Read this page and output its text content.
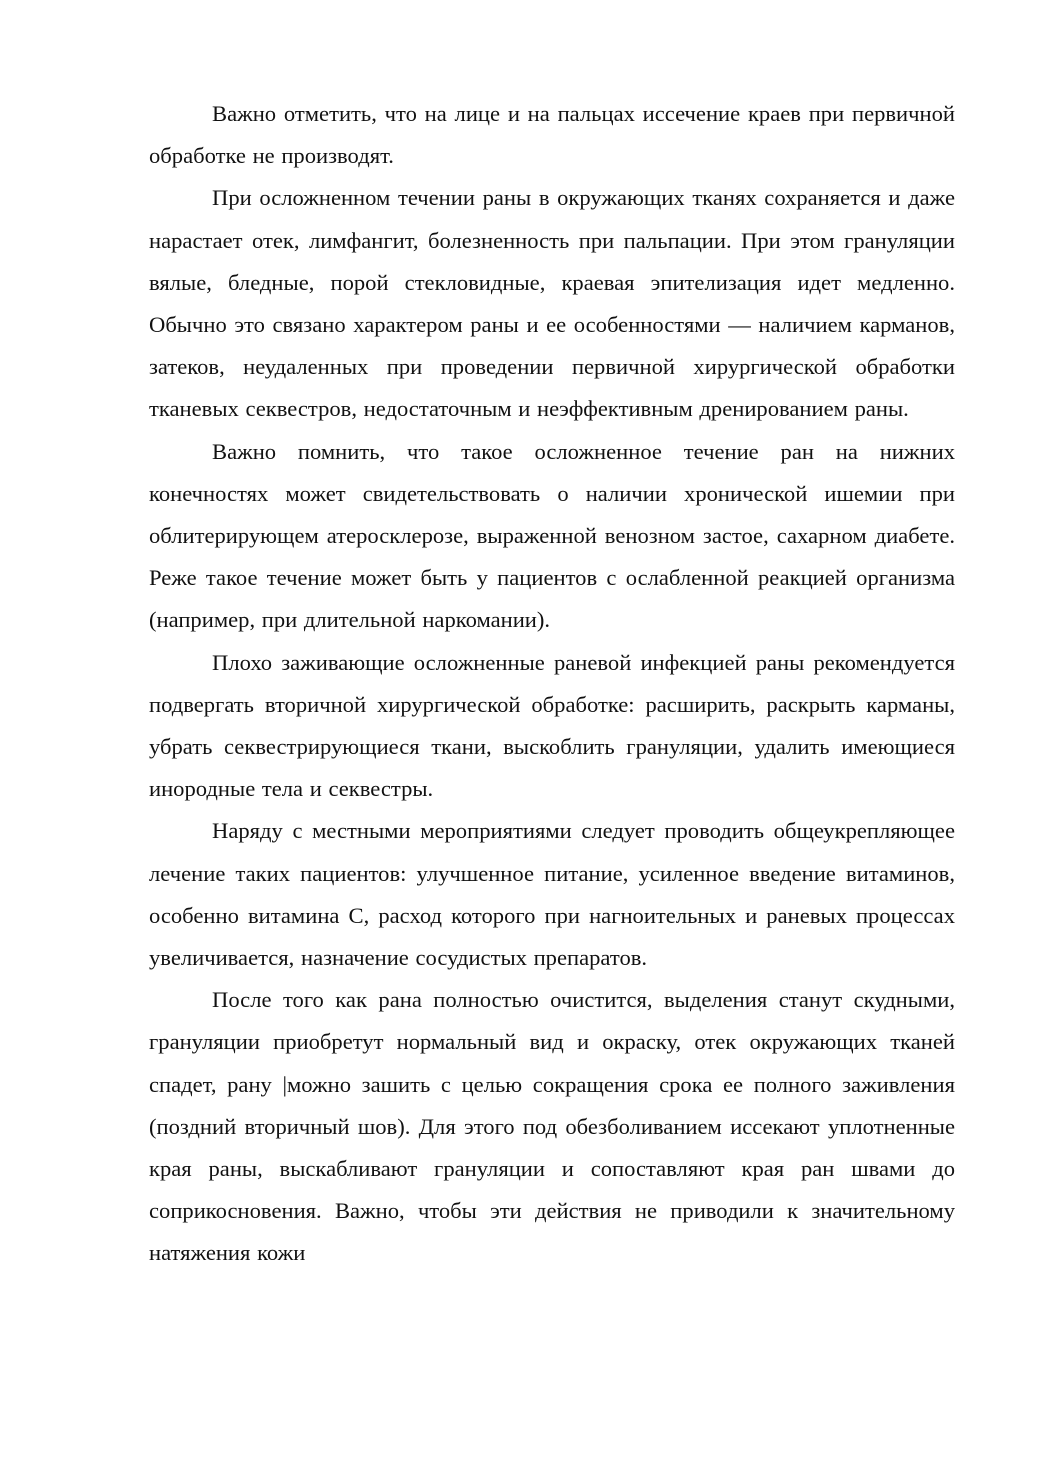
Важно отметить, что на лице и на пальцах иссечение краев при первичной обработке не производят.

При осложненном течении раны в окружающих тканях сохраняется и даже нарастает отек, лимфангит, болезненность при пальпации. При этом грануляции вялые, бледные, порой стекловидные, краевая эпителизация идет медленно. Обычно это связано характером раны и ее особенностями — наличием карманов, затеков, неудаленных при проведении первичной хирургической обработки тканевых секвестров, недостаточным и неэффективным дренированием раны.

Важно помнить, что такое осложненное течение ран на нижних конечностях может свидетельствовать о наличии хронической ишемии при облитерирующем атеросклерозе, выраженной венозном застое, сахарном диабете. Реже такое течение может быть у пациентов с ослабленной реакцией организма (например, при длительной наркомании).

Плохо заживающие осложненные раневой инфекцией раны рекомендуется подвергать вторичной хирургической обработке: расширить, раскрыть карманы, убрать секвестрирующиеся ткани, выскоблить грануляции, удалить имеющиеся инородные тела и секвестры.

Наряду с местными мероприятиями следует проводить общеукрепляющее лечение таких пациентов: улучшенное питание, усиленное введение витаминов, особенно витамина С, расход которого при нагноительных и раневых процессах увеличивается, назначение сосудистых препаратов.

После того как рана полностью очистится, выделения станут скудными, грануляции приобретут нормальный вид и окраску, отек окружающих тканей спадет, рану |можно зашить с целью сокращения срока ее полного заживления (поздний вторичный шов). Для этого под обезболиванием иссекают уплотненные края раны, выскабливают грануляции и сопоставляют края ран швами до соприкосновения. Важно, чтобы эти действия не приводили к значительному натяжения кожи
